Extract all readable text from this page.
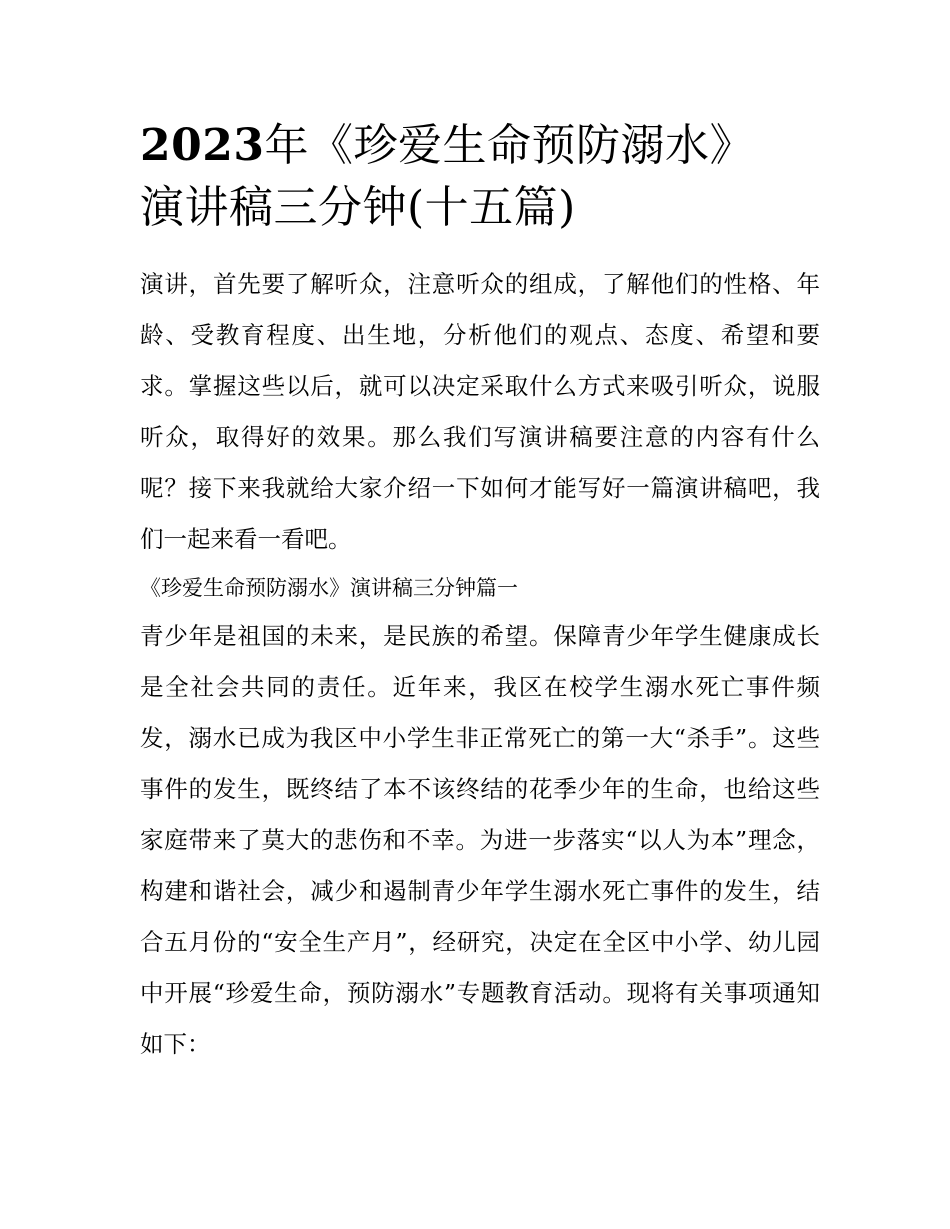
2023年《珍爱生命预防溺水》
演讲稿三分钟(十五篇)

演讲，首先要了解听众，注意听众的组成，了解他们的性格、年龄、受教育程度、出生地，分析他们的观点、态度、希望和要求。掌握这些以后，就可以决定采取什么方式来吸引听众，说服听众，取得好的效果。那么我们写演讲稿要注意的内容有什么呢？接下来我就给大家介绍一下如何才能写好一篇演讲稿吧，我们一起来看一看吧。

《珍爱生命预防溺水》演讲稿三分钟篇一

青少年是祖国的未来，是民族的希望。保障青少年学生健康成长是全社会共同的责任。近年来，我区在校学生溺水死亡事件频发，溺水已成为我区中小学生非正常死亡的第一大“杀手”。这些事件的发生，既终结了本不该终结的花季少年的生命，也给这些家庭带来了莫大的悲伤和不幸。为进一步落实“以人为本”理念，构建和谐社会，减少和遏制青少年学生溺水死亡事件的发生，结合五月份的“安全生产月”，经研究，决定在全区中小学、幼儿园中开展“珍爱生命，预防溺水”专题教育活动。现将有关事项通知如下：
